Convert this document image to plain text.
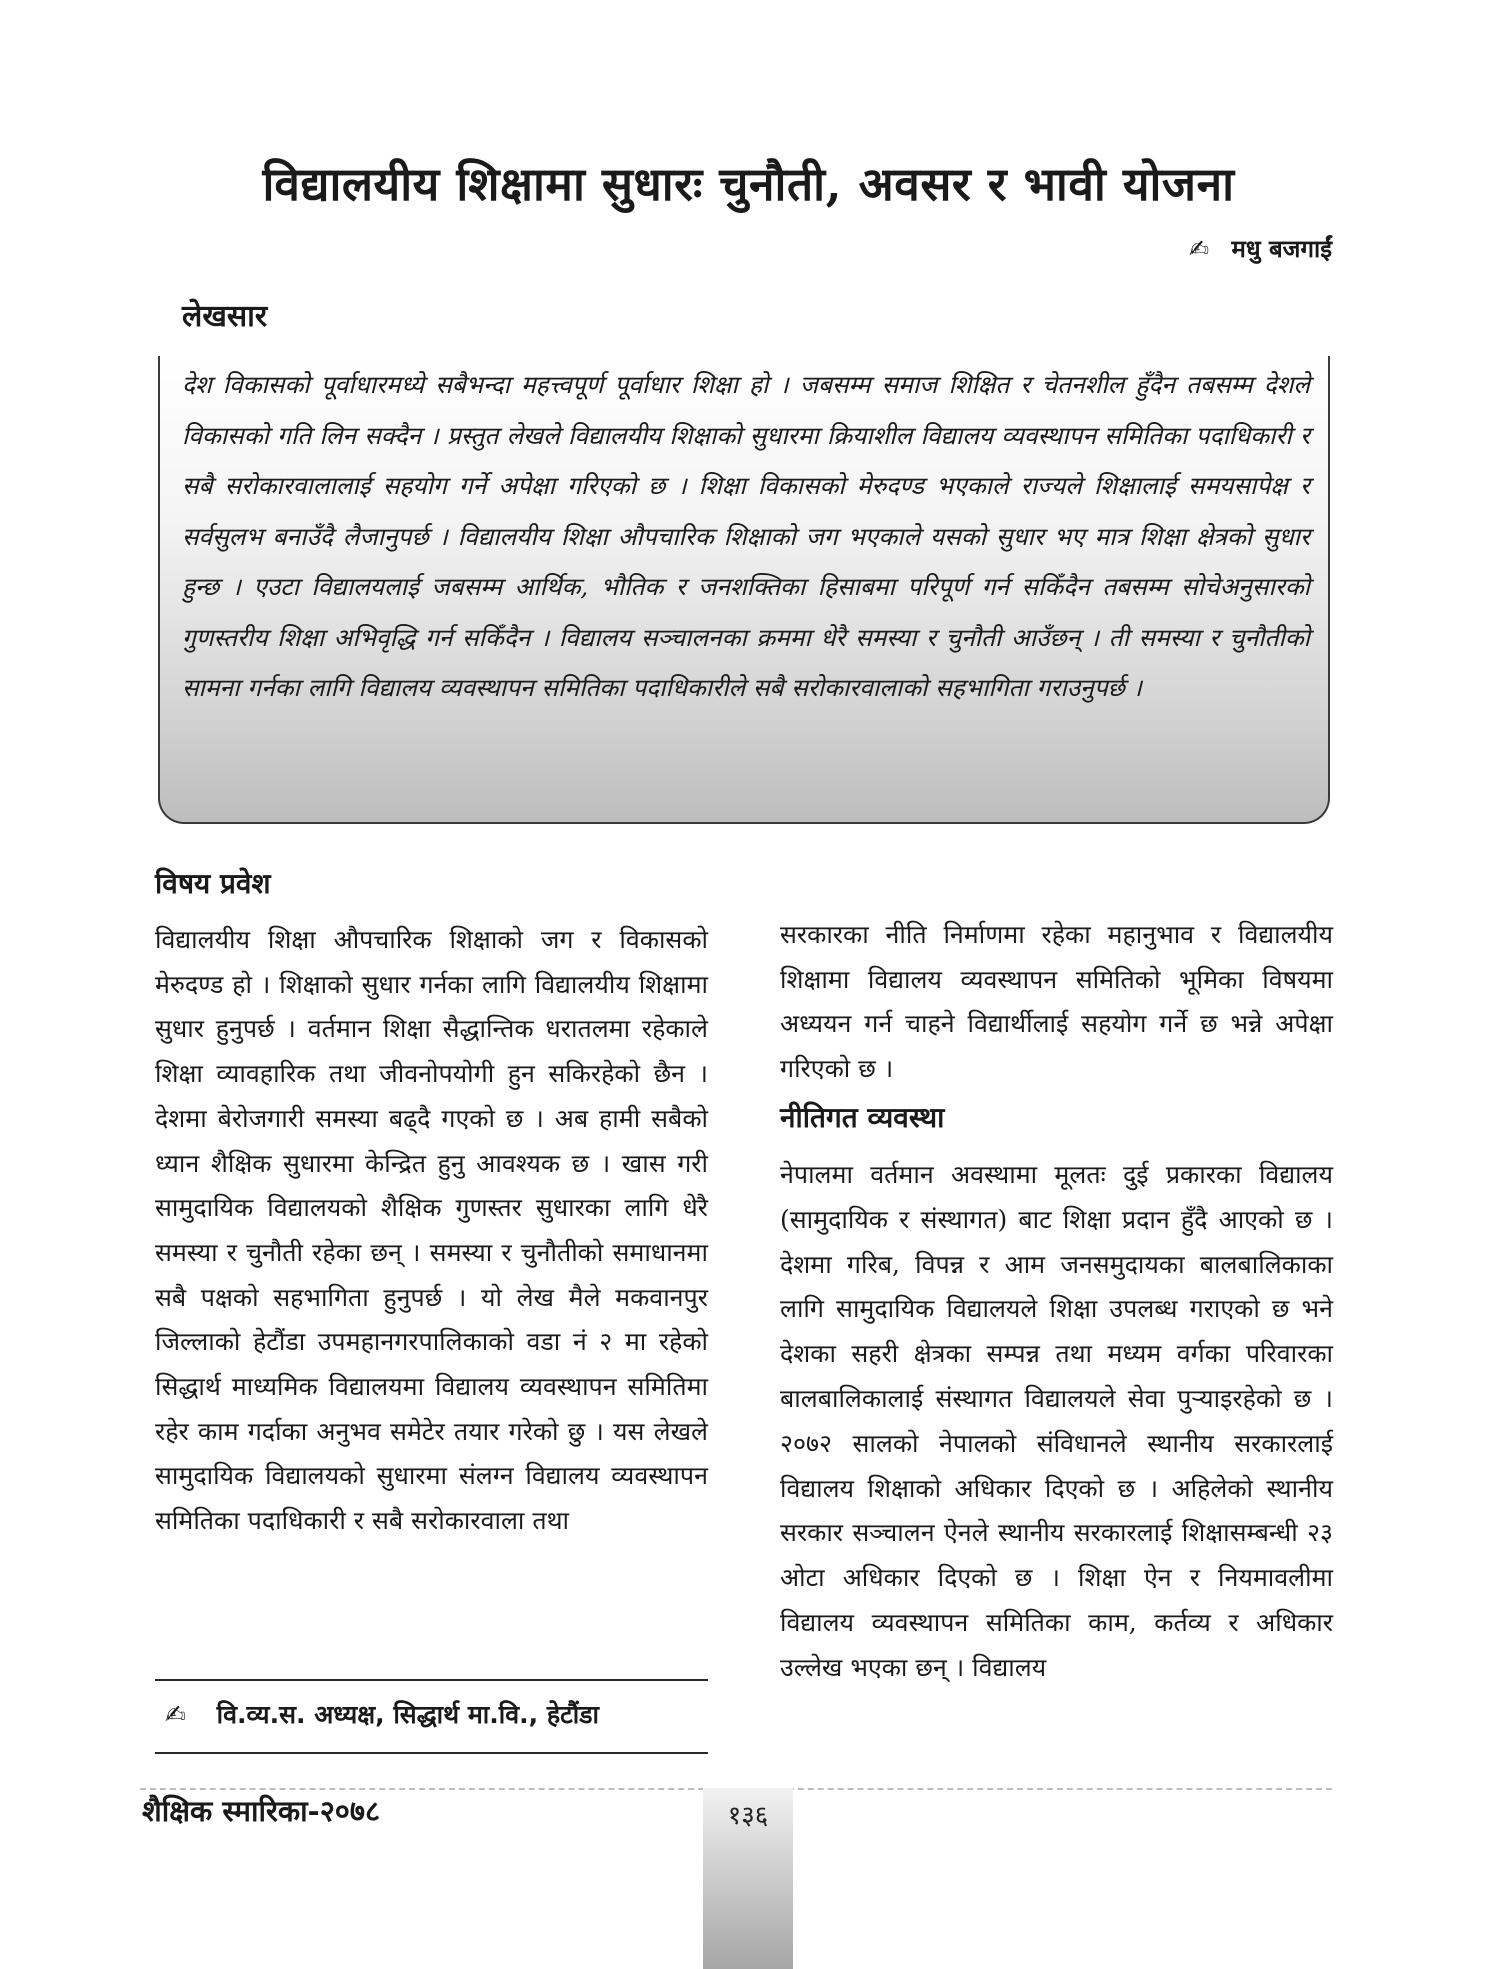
विद्यालयीय शिक्षामा सुधारः चुनौती, अवसर र भावी योजना
✍ मधु बजगाईं
लेखसार
देश विकासको पूर्वाधारमध्ये सबैभन्दा महत्त्वपूर्ण पूर्वाधार शिक्षा हो । जबसम्म समाज शिक्षित र चेतनशील हुँदैन तबसम्म देशले विकासको गति लिन सक्दैन । प्रस्तुत लेखले विद्यालयीय शिक्षाको सुधारमा क्रियाशील विद्यालय व्यवस्थापन समितिका पदाधिकारी र सबै सरोकारवालालाई सहयोग गर्ने अपेक्षा गरिएको छ । शिक्षा विकासको मेरुदण्ड भएकाले राज्यले शिक्षालाई समयसापेक्ष र सर्वसुलभ बनाउँदै लैजानुपर्छ । विद्यालयीय शिक्षा औपचारिक शिक्षाको जग भएकाले यसको सुधार भए मात्र शिक्षा क्षेत्रको सुधार हुन्छ । एउटा विद्यालयलाई जबसम्म आर्थिक, भौतिक र जनशक्तिका हिसाबमा परिपूर्ण गर्न सकिँदैन तबसम्म सोचेअनुसारको गुणस्तरीय शिक्षा अभिवृद्धि गर्न सकिँदैन । विद्यालय सञ्चालनका क्रममा धेरै समस्या र चुनौती आउँछन् । ती समस्या र चुनौतीको सामना गर्नका लागि विद्यालय व्यवस्थापन समितिका पदाधिकारीले सबै सरोकारवालाको सहभागिता गराउनुपर्छ ।
विषय प्रवेश
विद्यालयीय शिक्षा औपचारिक शिक्षाको जग र विकासको मेरुदण्ड हो । शिक्षाको सुधार गर्नका लागि विद्यालयीय शिक्षामा सुधार हुनुपर्छ । वर्तमान शिक्षा सैद्धान्तिक धरातलमा रहेकाले शिक्षा व्यावहारिक तथा जीवनोपयोगी हुन सकिरहेको छैन । देशमा बेरोजगारी समस्या बढ्दै गएको छ । अब हामी सबैको ध्यान शैक्षिक सुधारमा केन्द्रित हुनु आवश्यक छ । खास गरी सामुदायिक विद्यालयको शैक्षिक गुणस्तर सुधारका लागि धेरै समस्या र चुनौती रहेका छन् । समस्या र चुनौतीको समाधानमा सबै पक्षको सहभागिता हुनुपर्छ । यो लेख मैले मकवानपुर जिल्लाको हेटौंडा उपमहानगरपालिकाको वडा नं २ मा रहेको सिद्धार्थ माध्यमिक विद्यालयमा विद्यालय व्यवस्थापन समितिमा रहेर काम गर्दाका अनुभव समेटेर तयार गरेको छु । यस लेखले सामुदायिक विद्यालयको सुधारमा संलग्न विद्यालय व्यवस्थापन समितिका पदाधिकारी र सबै सरोकारवाला तथा
सरकारका नीति निर्माणमा रहेका महानुभाव र विद्यालयीय शिक्षामा विद्यालय व्यवस्थापन समितिको भूमिका विषयमा अध्ययन गर्न चाहने विद्यार्थीलाई सहयोग गर्ने छ भन्ने अपेक्षा गरिएको छ ।
नीतिगत व्यवस्था
नेपालमा वर्तमान अवस्थामा मूलतः दुई प्रकारका विद्यालय (सामुदायिक र संस्थागत) बाट शिक्षा प्रदान हुँदै आएको छ । देशमा गरिब, विपन्न र आम जनसमुदायका बालबालिकाका लागि सामुदायिक विद्यालयले शिक्षा उपलब्ध गराएको छ भने देशका सहरी क्षेत्रका सम्पन्न तथा मध्यम वर्गका परिवारका बालबालिकालाई संस्थागत विद्यालयले सेवा पुऱ्याइरहेको छ । २०७२ सालको नेपालको संविधानले स्थानीय सरकारलाई विद्यालय शिक्षाको अधिकार दिएको छ । अहिलेको स्थानीय सरकार सञ्चालन ऐनले स्थानीय सरकारलाई शिक्षासम्बन्धी २३ ओटा अधिकार दिएको छ । शिक्षा ऐन र नियमावलीमा विद्यालय व्यवस्थापन समितिका काम, कर्तव्य र अधिकार उल्लेख भएका छन् । विद्यालय
✍ वि.व्य.स. अध्यक्ष, सिद्धार्थ मा.वि., हेटौंडा
शैक्षिक स्मारिका-२०७८	१३६
